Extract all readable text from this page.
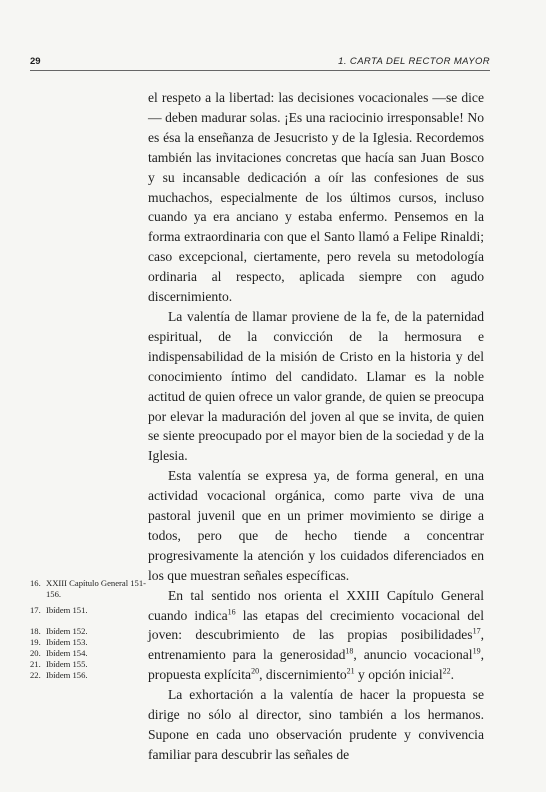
29	1. CARTA DEL RECTOR MAYOR

el respeto a la libertad: las decisiones vocacionales —se dice— deben madurar solas. ¡Es una raciocinio irresponsable! No es ésa la enseñanza de Jesucristo y de la Iglesia. Recordemos también las invitaciones concretas que hacía san Juan Bosco y su incansable dedicación a oír las confesiones de sus muchachos, especialmente de los últimos cursos, incluso cuando ya era anciano y estaba enfermo. Pensemos en la forma extraordinaria con que el Santo llamó a Felipe Rinaldi; caso excepcional, ciertamente, pero revela su metodología ordinaria al respecto, aplicada siempre con agudo discernimiento.

La valentía de llamar proviene de la fe, de la paternidad espiritual, de la convicción de la hermosura e indispensabilidad de la misión de Cristo en la historia y del conocimiento íntimo del candidato. Llamar es la noble actitud de quien ofrece un valor grande, de quien se preocupa por elevar la maduración del joven al que se invita, de quien se siente preocupado por el mayor bien de la sociedad y de la Iglesia.

Esta valentía se expresa ya, de forma general, en una actividad vocacional orgánica, como parte viva de una pastoral juvenil que en un primer movimiento se dirige a todos, pero que de hecho tiende a concentrar progresivamente la atención y los cuidados diferenciados en los que muestran señales específicas.

En tal sentido nos orienta el XXIII Capítulo General cuando indica$^{16}$ las etapas del crecimiento vocacional del joven: descubrimiento de las propias posibilidades$^{17}$, entrenamiento para la generosidad$^{18}$, anuncio vocacional$^{19}$, propuesta explícita$^{20}$, discernimiento$^{21}$ y opción inicial$^{22}$.

La exhortación a la valentía de hacer la propuesta se dirige no sólo al director, sino también a los hermanos. Supone en cada uno observación prudente y convivencia familiar para descubrir las señales de

16. XXIII Capítulo General 151-156.
17. Ibídem 151.
18. Ibídem 152.
19. Ibídem 153.
20. Ibídem 154.
21. Ibídem 155.
22. Ibídem 156.
